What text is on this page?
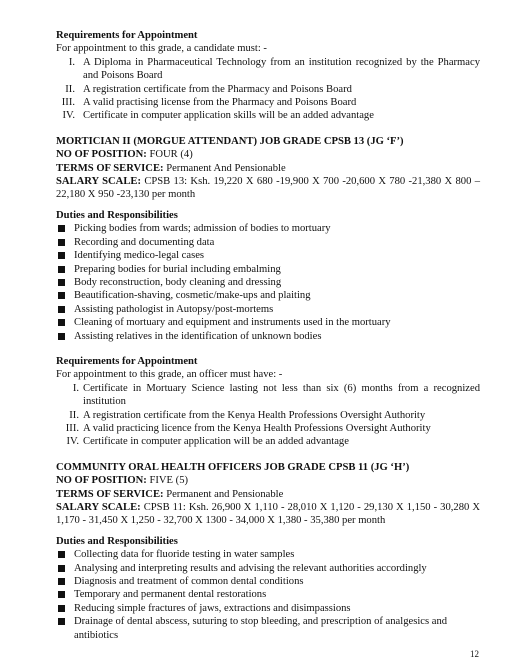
Requirements for Appointment
For appointment to this grade, a candidate must: -
I. A Diploma in Pharmaceutical Technology from an institution recognized by the Pharmacy and Poisons Board
II. A registration certificate from the Pharmacy and Poisons Board
III. A valid practising license from the Pharmacy and Poisons Board
IV. Certificate in computer application skills will be an added advantage
MORTICIAN II (MORGUE ATTENDANT) JOB GRADE CPSB 13 (JG ‘F’)
NO OF POSITION: FOUR (4)
TERMS OF SERVICE: Permanent And Pensionable
SALARY SCALE: CPSB 13: Ksh. 19,220 X 680 -19,900 X 700 -20,600 X 780 -21,380 X 800 – 22,180 X 950 -23,130 per month
Duties and Responsibilities
Picking bodies from wards; admission of bodies to mortuary
Recording and documenting data
Identifying medico-legal cases
Preparing bodies for burial including embalming
Body reconstruction, body cleaning and dressing
Beautification-shaving, cosmetic/make-ups and plaiting
Assisting pathologist in Autopsy/post-mortems
Cleaning of mortuary and equipment and instruments used in the mortuary
Assisting relatives in the identification of unknown bodies
Requirements for Appointment
For appointment to this grade, an officer must have: -
I. Certificate in Mortuary Science lasting not less than six (6) months from a recognized institution
II. A registration certificate from the Kenya Health Professions Oversight Authority
III. A valid practicing licence from the Kenya Health Professions Oversight Authority
IV. Certificate in computer application will be an added advantage
COMMUNITY ORAL HEALTH OFFICERS JOB GRADE CPSB 11 (JG ‘H’)
NO OF POSITION: FIVE (5)
TERMS OF SERVICE: Permanent and Pensionable
SALARY SCALE: CPSB 11: Ksh. 26,900 X 1,110 - 28,010 X 1,120 - 29,130 X 1,150 - 30,280 X 1,170 - 31,450 X 1,250 - 32,700 X 1300 - 34,000 X 1,380 - 35,380 per month
Duties and Responsibilities
Collecting data for fluoride testing in water samples
Analysing and interpreting results and advising the relevant authorities accordingly
Diagnosis and treatment of common dental conditions
Temporary and permanent dental restorations
Reducing simple fractures of jaws, extractions and disimpassions
Drainage of dental abscess, suturing to stop bleeding, and prescription of analgesics and antibiotics
12
